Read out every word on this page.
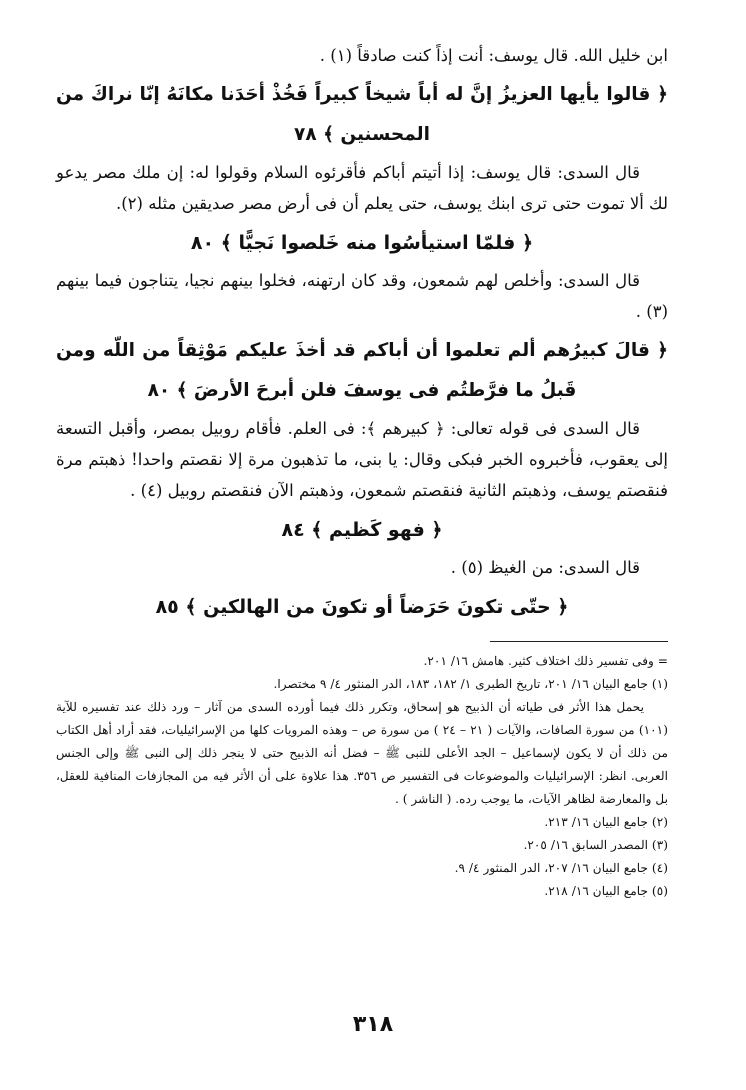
ابن خليل الله. قال يوسف: أنت إذاً كنت صادقاً (١) .

﴿ قالوا يأيها العزيزُ إنَّ له أباً شيخاً كبيراً فَخُذْ أحَدَنا مكانَهُ إنّا نراكَ من المحسنين ﴾ ٧٨

قال السدى: قال يوسف: إذا أتيتم أباكم فأقرئوه السلام وقولوا له: إن ملك مصر يدعو لك ألا تموت حتى ترى ابنك يوسف، حتى يعلم أن فى أرض مصر صديقين مثله (٢).

﴿ فلمّا استيأسُوا منه خَلصوا نَجيًّا ﴾ ٨٠

قال السدى: وأخلص لهم شمعون، وقد كان ارتهنه، فخلوا بينهم نجيا، يتناجون فيما بينهم (٣) .

﴿ قالَ كبيرُهم ألم تعلموا أن أباكم قد أخذَ عليكم مَوْثِقاً من اللّه ومن قَبلُ ما فرَّطتُم فى يوسفَ فلن أبرحَ الأرضَ ﴾ ٨٠

قال السدى فى قوله تعالى: ﴿ كبيرهم ﴾: فى العلم. فأقام روبيل بمصر، وأقبل التسعة إلى يعقوب، فأخبروه الخبر فبكى وقال: يا بنى، ما تذهبون مرة إلا نقصتم واحدا! ذهبتم مرة فنقصتم يوسف، وذهبتم الثانية فنقصتم شمعون، وذهبتم الآن فنقصتم روبيل (٤) .

﴿ فهو كَظيم ﴾ ٨٤

قال السدى: من الغيظ (٥) .

﴿ حتّى تكونَ حَرَضاً أو تكونَ من الهالكين ﴾ ٨٥

= وفى تفسير ذلك اختلاف كثير. هامش ١٦/ ٢٠١.

(١) جامع البيان ١٦/ ٢٠١، تاريخ الطبرى ١/ ١٨٢، ١٨٣، الدر المنثور ٤/ ٩ مختصرا.

يحمل هذا الأثر فى طياته أن الذبيح هو إسحاق، وتكرر ذلك فيما أورده السدى من آثار – ورد ذلك عند تفسيره للآية (١٠١) من سورة الصافات، والآيات ( ٢١ – ٢٤ ) من سورة ص – وهذه المرويات كلها من الإسرائيليات، فقد أراد أهل الكتاب من ذلك أن لا يكون لإسماعيل – الجد الأعلى للنبى ﷺ – فضل أنه الذبيح حتى لا ينجر ذلك إلى النبى ﷺ وإلى الجنس العربى. انظر: الإسرائيليات والموضوعات فى التفسير ص ٣٥٦. هذا علاوة على أن الأثر فيه من المجازفات المنافية للعقل، بل والمعارضة لظاهر الآيات، ما يوجب رده. ( الناشر ) .

(٢) جامع البيان ١٦/ ٢١٣.

(٣) المصدر السابق ١٦/ ٢٠٥.

(٤) جامع البيان ١٦/ ٢٠٧، الدر المنثور ٤/ ٩.

(٥) جامع البيان ١٦/ ٢١٨.

٣١٨
